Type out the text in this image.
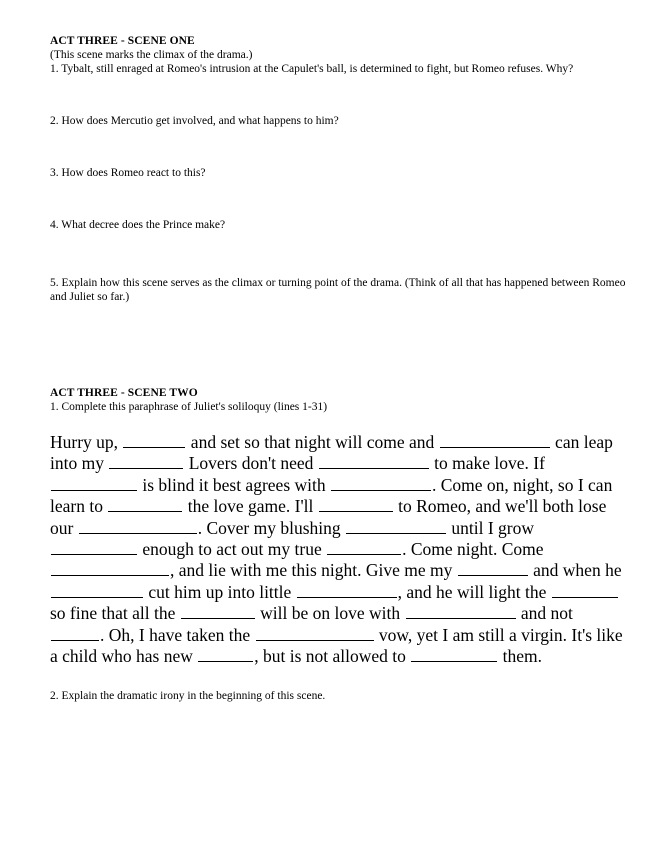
ACT THREE - SCENE ONE
(This scene marks the climax of the drama.)
1. Tybalt, still enraged at Romeo's intrusion at the Capulet's ball, is determined to fight, but Romeo refuses. Why?
2. How does Mercutio get involved, and what happens to him?
3. How does Romeo react to this?
4. What decree does the Prince make?
5. Explain how this scene serves as the climax or turning point of the drama. (Think of all that has happened between Romeo and Juliet so far.)
ACT THREE - SCENE TWO
1. Complete this paraphrase of Juliet's soliloquy (lines 1-31)
Hurry up,	and set so that night will come and	can leap into my	Lovers don't need	to make love. If  is blind it best agrees with	. Come on, night, so I can learn to	the love game. I'll	to Romeo, and we'll both lose our	. Cover my blushing	until I grow  enough to act out my true	. Come night. Come , and lie with me this night. Give me my	and when he  cut him up into little	, and he will light the  so fine that all the	will be on love with	and not . Oh, I have taken the	vow, yet I am still a virgin. It's like a child who has new	, but is not allowed to	them.
2. Explain the dramatic irony in the beginning of this scene.
